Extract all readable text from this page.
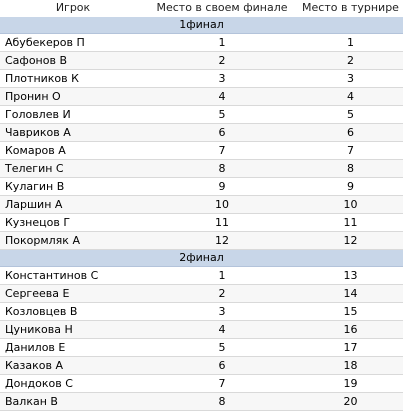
Игрок	Место в своем финале	Место в турнире
1финал		
Абубекеров П	1	1
Сафонов В	2	2
Плотников К	3	3
Пронин О	4	4
Головлев И	5	5
Чавриков А	6	6
Комаров А	7	7
Телегин С	8	8
Кулагин В	9	9
Ларшин А	10	10
Кузнецов Г	11	11
Покормляк А	12	12
2финал		
Константинов С	1	13
Сергеева Е	2	14
Козловцев В	3	15
Цуникова Н	4	16
Данилов Е	5	17
Казаков А	6	18
Дондоков С	7	19
Валкан В	8	20
